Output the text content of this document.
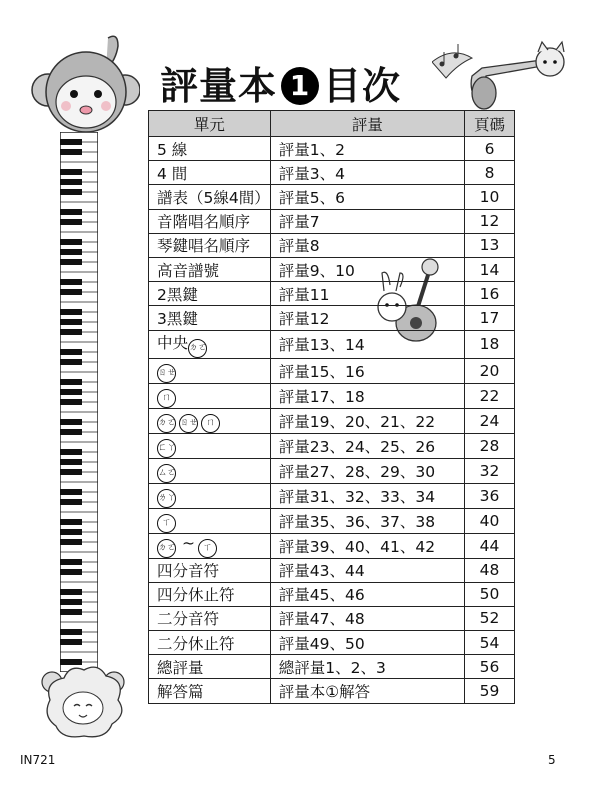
評量本 1 目次
單元	評量	頁碼
5 線	評量1、2	6
4 間	評量3、4	8
譜表（5線4間）	評量5、6	10
音階唱名順序	評量7	12
琴鍵唱名順序	評量8	13
高音譜號	評量9、10	14
2黑鍵	評量11	16
3黑鍵	評量12	17
中央ㄉㄛ	評量13、14	18
ㄖㄝ	評量15、16	20
ㄇ	評量17、18	22
ㄉㄛ ㄖㄝ ㄇ	評量19、20、21、22	24
ㄈㄚ	評量23、24、25、26	28
ㄙㄛ	評量27、28、29、30	32
ㄌㄚ	評量31、32、33、34	36
ㄒ	評量35、36、37、38	40
ㄉㄛ ~ ㄒ	評量39、40、41、42	44
四分音符	評量43、44	48
四分休止符	評量45、46	50
二分音符	評量47、48	52
二分休止符	評量49、50	54
總評量	總評量1、2、3	56
解答篇	評量本①解答	59
IN721	5
